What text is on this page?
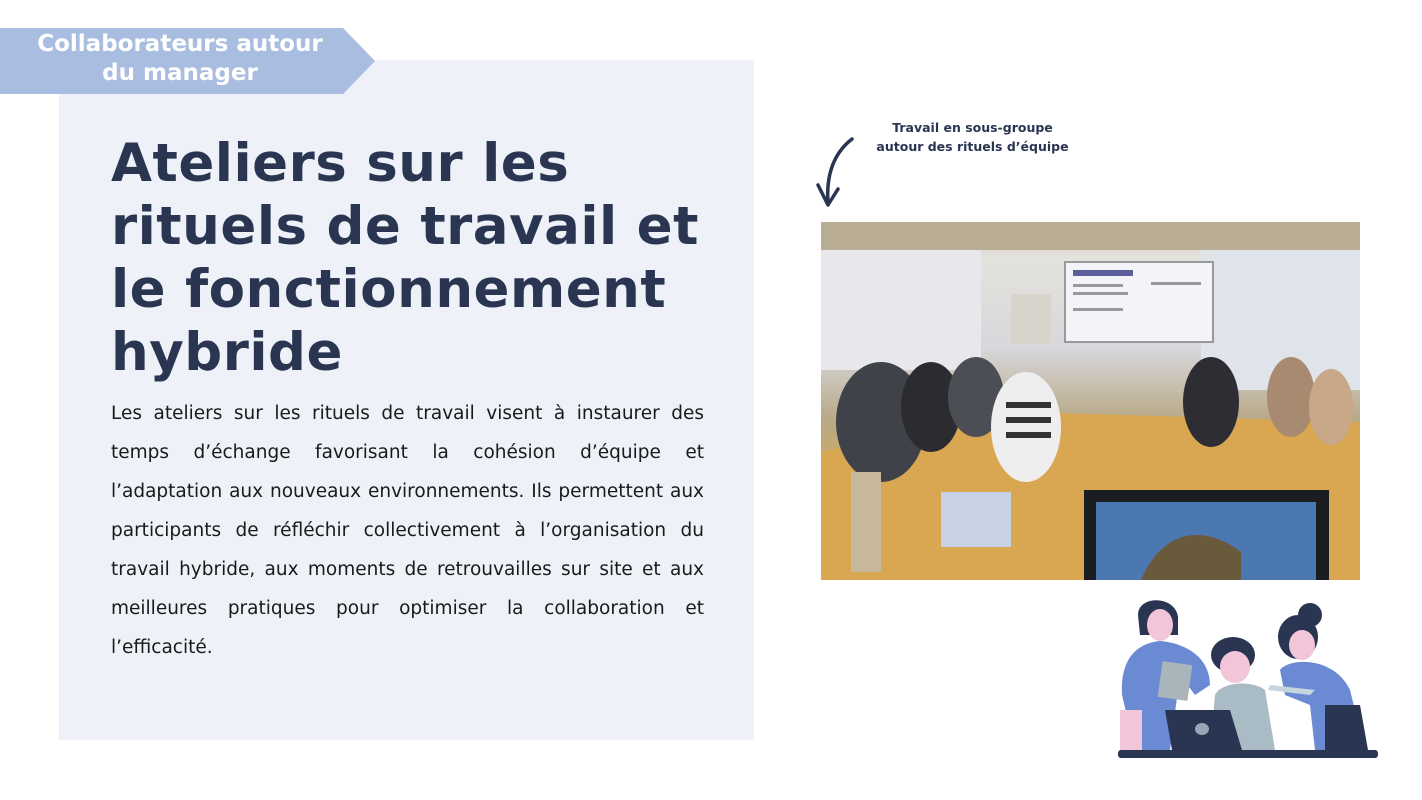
Collaborateurs autour
du manager
Ateliers sur les rituels de travail et le fonctionnement hybride
Les ateliers sur les rituels de travail visent à instaurer des temps d’échange favorisant la cohésion d’équipe et l’adaptation aux nouveaux environnements. Ils permettent aux participants de réfléchir collectivement à l’organisation du travail hybride, aux moments de retrouvailles sur site et aux meilleures pratiques pour optimiser la collaboration et l’efficacité.
Travail en sous-groupe
autour des rituels d’équipe
